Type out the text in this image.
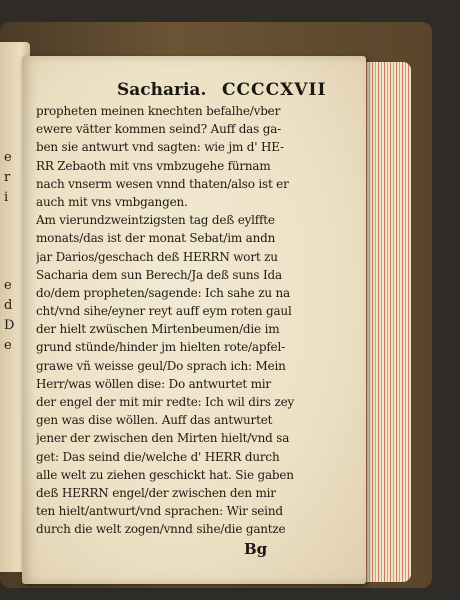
e
r
i
e
d
D
e
Sacharia. CCCCXVII
propheten meinen knechten befalhe/vber
ewere vätter kommen seind? Auff das ga-
ben sie antwurt vnd sagten: wie jm d' HE-
RR Zebaoth mit vns vmbzugehe fürnam
nach vnserm wesen vnnd thaten/also ist er
auch mit vns vmbgangen.
Am vierundzweintzigsten tag deß eylffte
monats/das ist der monat Sebat/im andn
jar Darios/geschach deß HERRN wort zu
Sacharia dem sun Berech/Ja deß suns Ida
do/dem propheten/sagende: Ich sahe zu na
cht/vnd sihe/eyner reyt auff eym roten gaul
der hielt zwüschen Mirtenbeumen/die im
grund stünde/hinder jm hielten rote/apfel-
grawe vñ weisse geul/Do sprach ich: Mein
Herr/was wöllen dise: Do antwurtet mir
der engel der mit mir redte: Ich wil dirs zey
gen was dise wöllen. Auff das antwurtet
jener der zwischen den Mirten hielt/vnd sa
get: Das seind die/welche d' HERR durch
alle welt zu ziehen geschickt hat. Sie gaben
deß HERRN engel/der zwischen den mir
ten hielt/antwurt/vnd sprachen: Wir seind
durch die welt zogen/vnnd sihe/die gantze
Bg
